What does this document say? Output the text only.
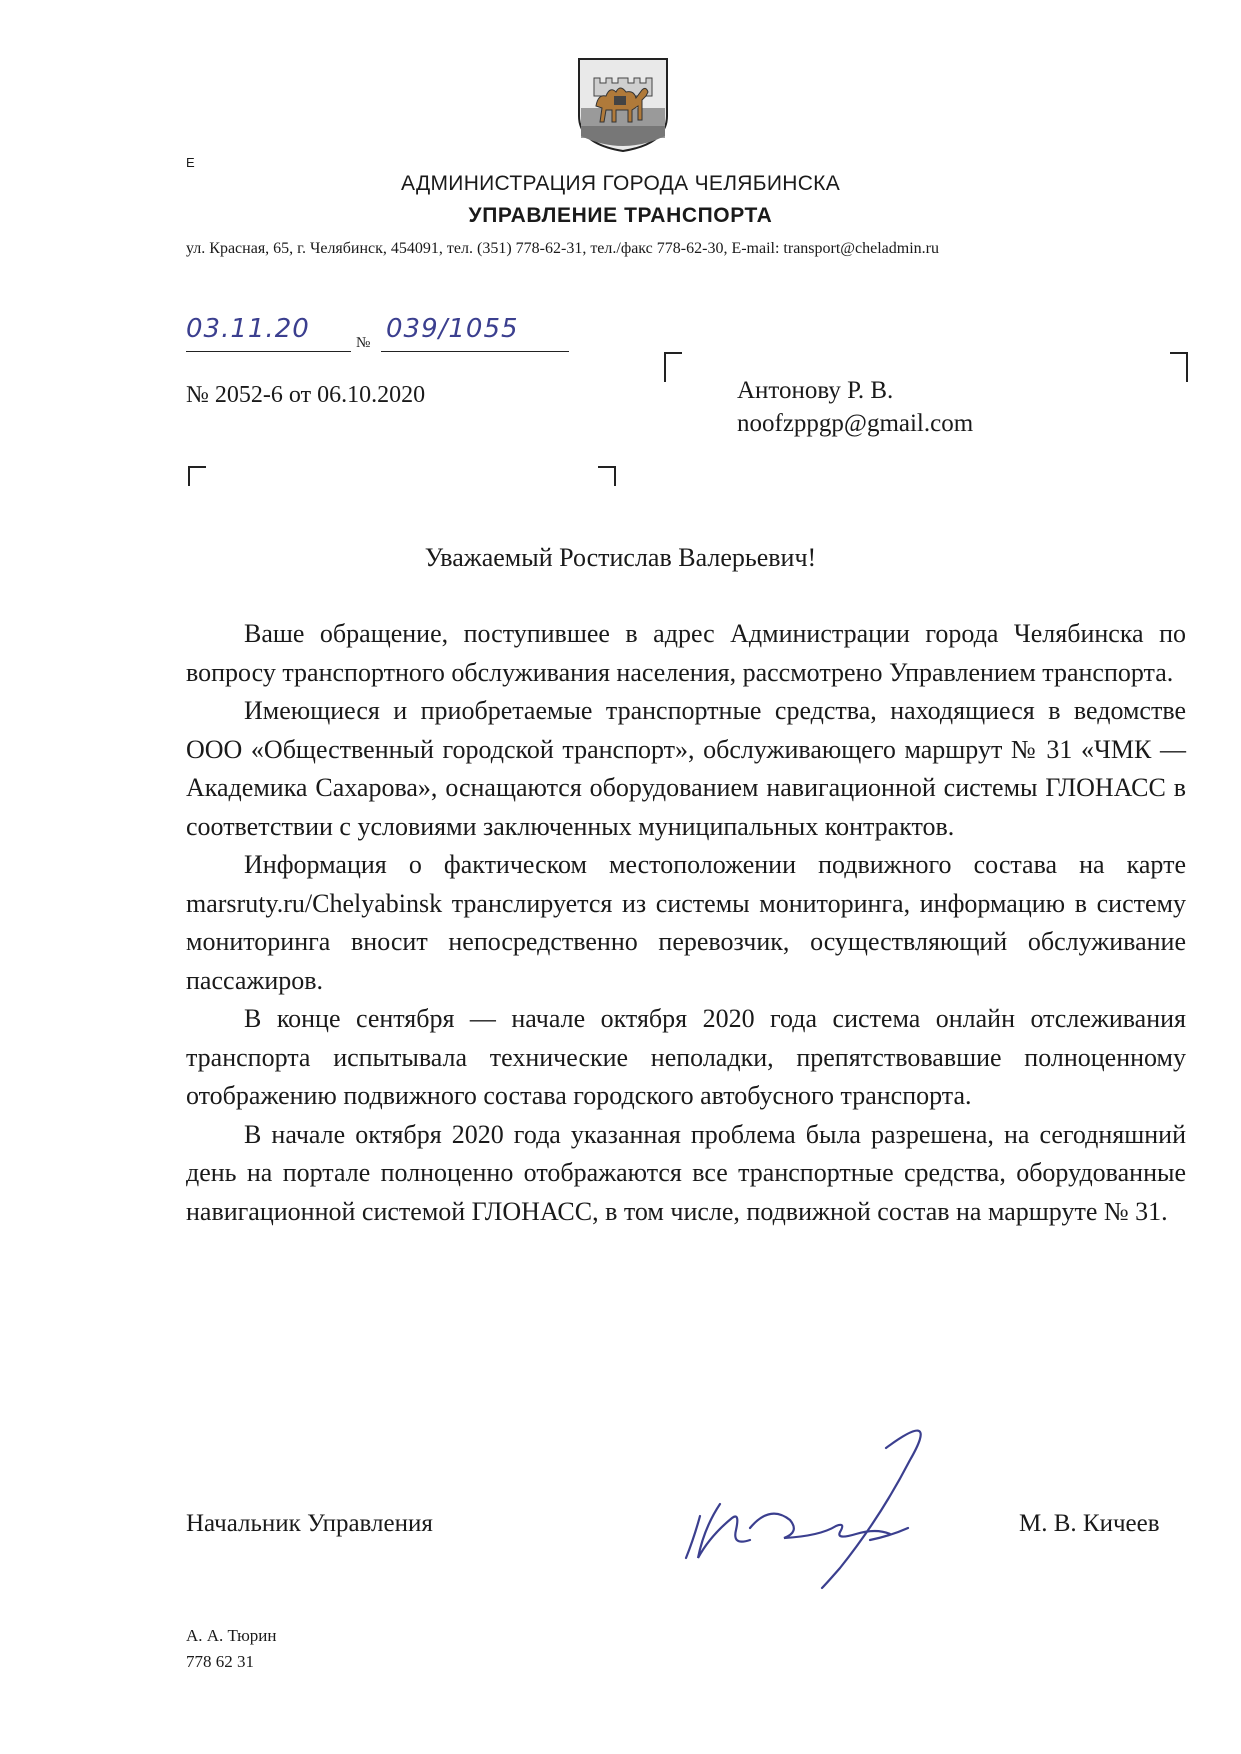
Е
АДМИНИСТРАЦИЯ ГОРОДА ЧЕЛЯБИНСКА
УПРАВЛЕНИЕ ТРАНСПОРТА
ул. Красная, 65, г. Челябинск, 454091, тел. (351) 778-62-31, тел./факс 778-62-30, E-mail: transport@cheladmin.ru
03.11.20	№ 039/1055
№ 2052-6 от 06.10.2020	Антонову Р. В.
noofzppgp@gmail.com
Уважаемый Ростислав Валерьевич!

Ваше обращение, поступившее в адрес Администрации города Челябинска по вопросу транспортного обслуживания населения, рассмотрено Управлением транспорта.

Имеющиеся и приобретаемые транспортные средства, находящиеся в ведомстве ООО «Общественный городской транспорт», обслуживающего маршрут № 31 «ЧМК — Академика Сахарова», оснащаются оборудованием навигационной системы ГЛОНАСС в соответствии с условиями заключенных муниципальных контрактов.

Информация о фактическом местоположении подвижного состава на карте marsruty.ru/Chelyabinsk транслируется из системы мониторинга, информацию в систему мониторинга вносит непосредственно перевозчик, осуществляющий обслуживание пассажиров.

В конце сентября — начале октября 2020 года система онлайн отслеживания транспорта испытывала технические неполадки, препятствовавшие полноценному отображению подвижного состава городского автобусного транспорта.

В начале октября 2020 года указанная проблема была разрешена, на сегодняшний день на портале полноценно отображаются все транспортные средства, оборудованные навигационной системой ГЛОНАСС, в том числе, подвижной состав на маршруте № 31.

Начальник Управления	М. В. Кичеев
А. А. Тюрин
778 62 31
